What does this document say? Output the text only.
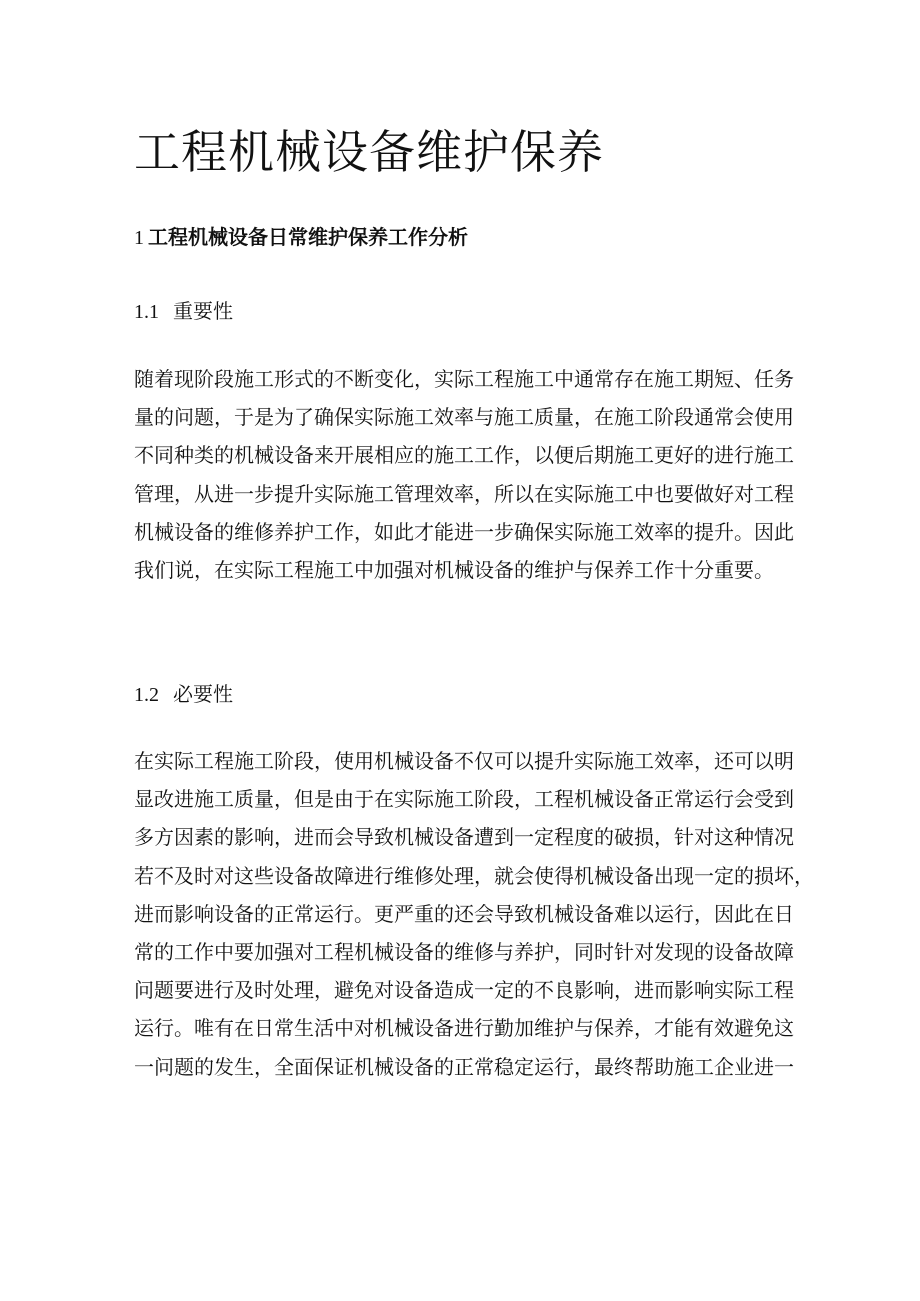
工程机械设备维护保养
1 工程机械设备日常维护保养工作分析
1.1 重要性

随着现阶段施工形式的不断变化，实际工程施工中通常存在施工期短、任务
量的问题，于是为了确保实际施工效率与施工质量，在施工阶段通常会使用
不同种类的机械设备来开展相应的施工工作，以便后期施工更好的进行施工
管理，从进一步提升实际施工管理效率，所以在实际施工中也要做好对工程
机械设备的维修养护工作，如此才能进一步确保实际施工效率的提升。因此
我们说，在实际工程施工中加强对机械设备的维护与保养工作十分重要。

1.2 必要性

在实际工程施工阶段，使用机械设备不仅可以提升实际施工效率，还可以明
显改进施工质量，但是由于在实际施工阶段，工程机械设备正常运行会受到
多方因素的影响，进而会导致机械设备遭到一定程度的破损，针对这种情况
若不及时对这些设备故障进行维修处理，就会使得机械设备出现一定的损坏，
进而影响设备的正常运行。更严重的还会导致机械设备难以运行，因此在日
常的工作中要加强对工程机械设备的维修与养护，同时针对发现的设备故障
问题要进行及时处理，避免对设备造成一定的不良影响，进而影响实际工程
运行。唯有在日常生活中对机械设备进行勤加维护与保养，才能有效避免这
一问题的发生，全面保证机械设备的正常稳定运行，最终帮助施工企业进一
